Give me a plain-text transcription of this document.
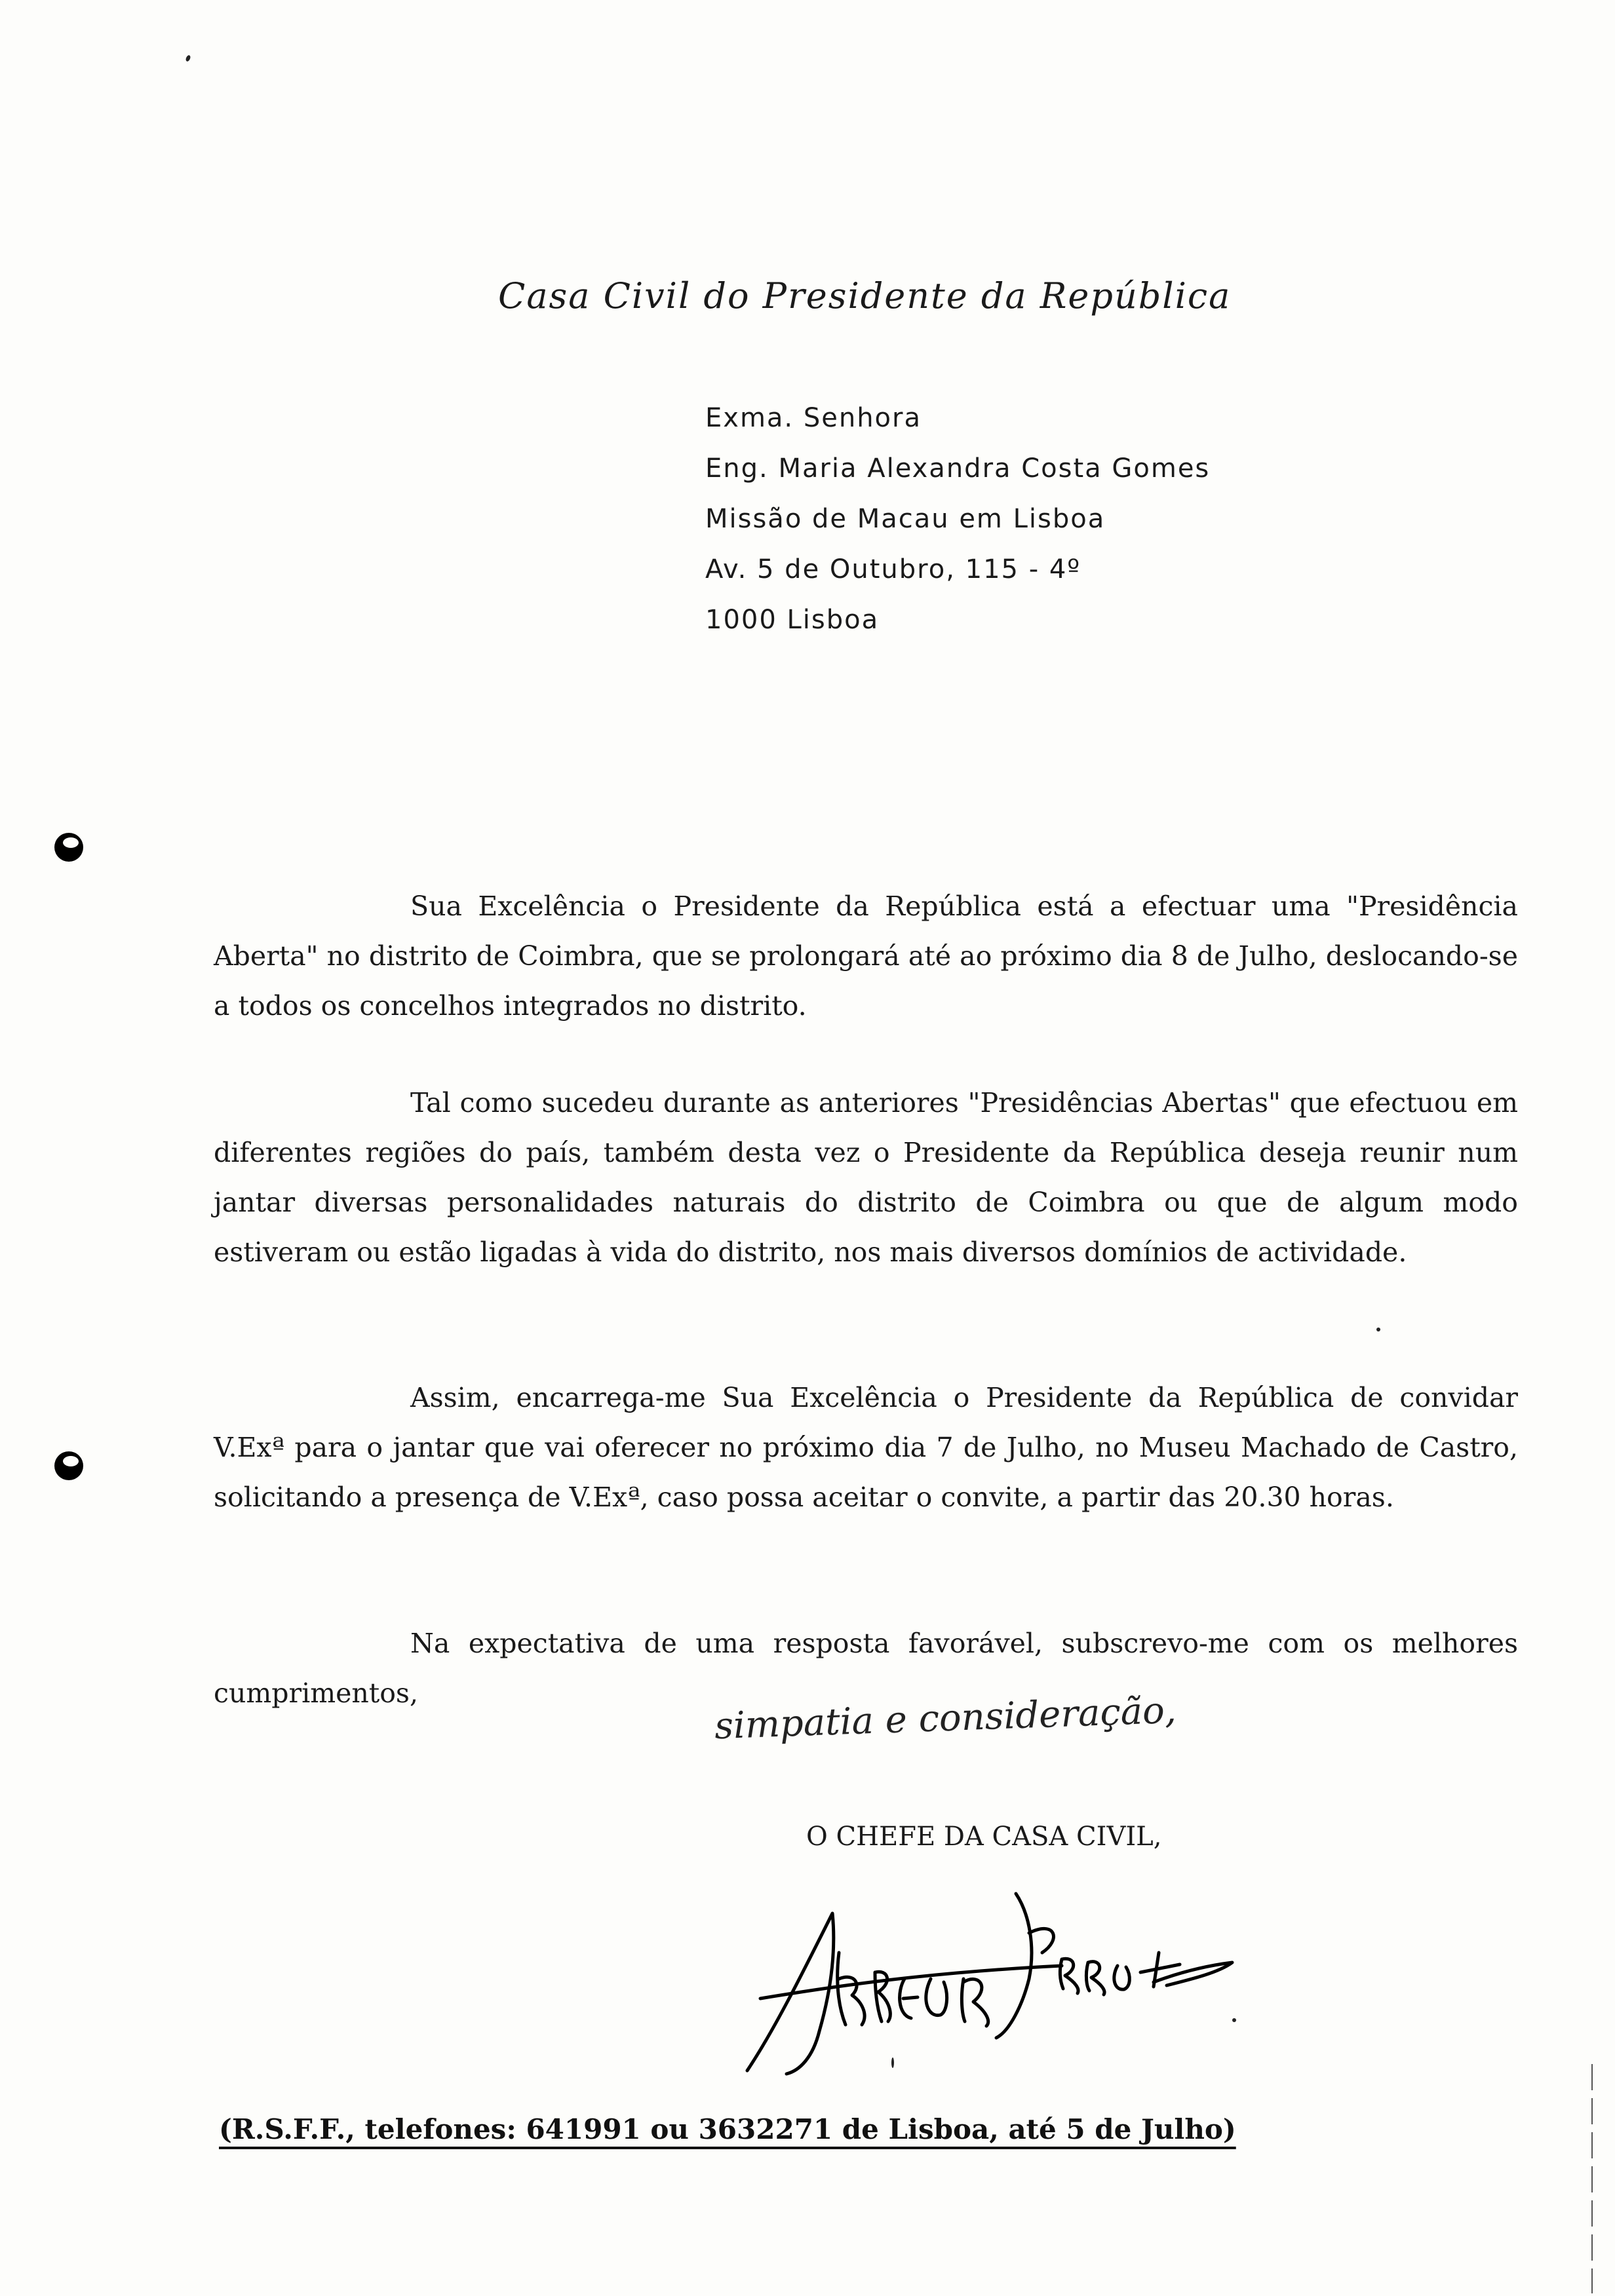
Casa Civil do Presidente da República
Exma. Senhora
Eng. Maria Alexandra Costa Gomes
Missão de Macau em Lisboa
Av. 5 de Outubro, 115 - 4º
1000 Lisboa
Sua Excelência o Presidente da República está a efectuar uma "Presidência Aberta" no distrito de Coimbra, que se prolongará até ao próximo dia 8 de Julho, deslocando-se a todos os concelhos integrados no distrito.
Tal como sucedeu durante as anteriores "Presidências Abertas" que efectuou em diferentes regiões do país, também desta vez o Presidente da República deseja reunir num jantar diversas personalidades naturais do distrito de Coimbra ou que de algum modo estiveram ou estão ligadas à vida do distrito, nos mais diversos domínios de actividade.
Assim, encarrega-me Sua Excelência o Presidente da República de convidar V.Exª para o jantar que vai oferecer no próximo dia 7 de Julho, no Museu Machado de Castro, solicitando a presença de V.Exª, caso possa aceitar o convite, a partir das 20.30 horas.
Na expectativa de uma resposta favorável, subscrevo-me com os melhores cumprimentos,	simpatia e consideração,
O CHEFE DA CASA CIVIL,
(R.S.F.F., telefones: 641991 ou 3632271 de Lisboa, até 5 de Julho)
